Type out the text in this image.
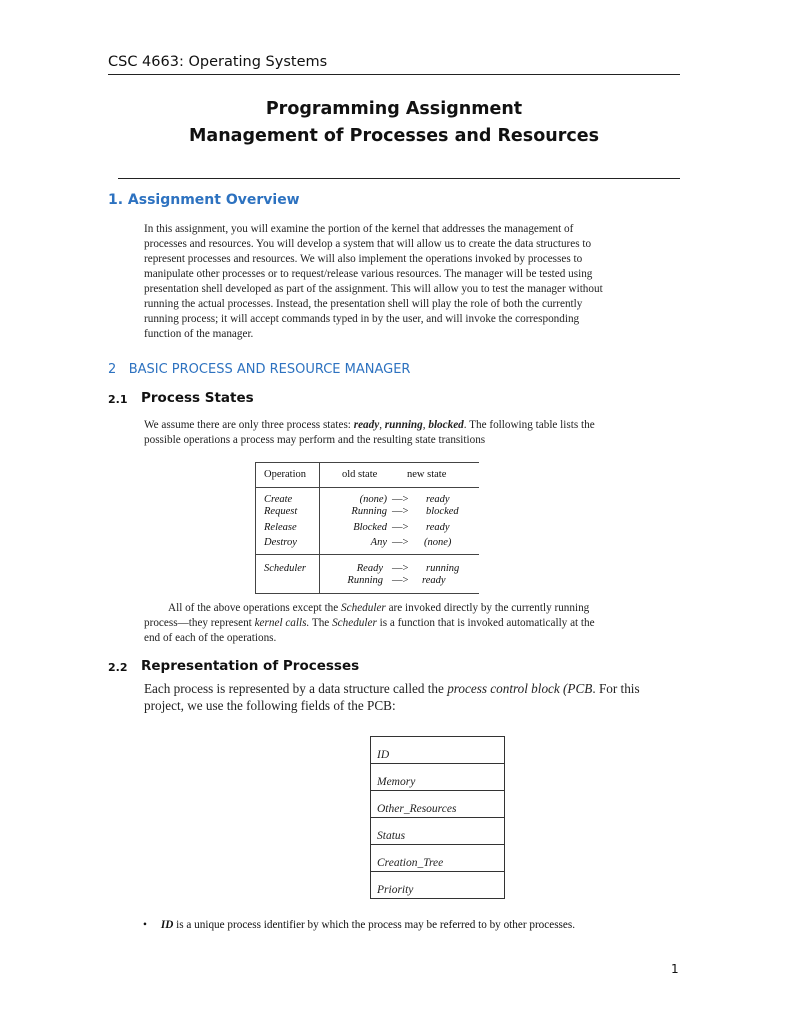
CSC 4663: Operating Systems
Programming Assignment
Management of Processes and Resources
1. Assignment Overview

In this assignment, you will examine the portion of the kernel that addresses the management of

processes and resources. You will develop a system that will allow us to create the data structures to

represent processes and resources. We will also implement the operations invoked by processes to

manipulate other processes or to request/release various resources. The manager will be tested using

presentation shell developed as part of the assignment. This will allow you to test the manager without

running the actual processes. Instead, the presentation shell will play the role of both the currently

running process; it will accept commands typed in by the user, and will invoke the corresponding

function of the manager.

2 BASIC PROCESS AND RESOURCE MANAGER
2.1 Process States

We assume there are only three process states: ready, running, blocked. The following table lists the

possible operations a process may perform and the resulting state transitions

Operation	old state	new state
Create	(none) —> ready
Request	Running —> blocked
Release	Blocked —> ready
Destroy	Any —> (none)
Scheduler	Ready —> running
Running —> ready

All of the above operations except the Scheduler are invoked directly by the currently running

process—they represent kernel calls. The Scheduler is a function that is invoked automatically at the

end of each of the operations.

2.2 Representation of Processes

Each process is represented by a data structure called the process control block (PCB. For this

project, we use the following fields of the PCB:

ID
Memory
Other_Resources
Status
Creation_Tree
Priority
• ID is a unique process identifier by which the process may be referred to by other processes.
1
